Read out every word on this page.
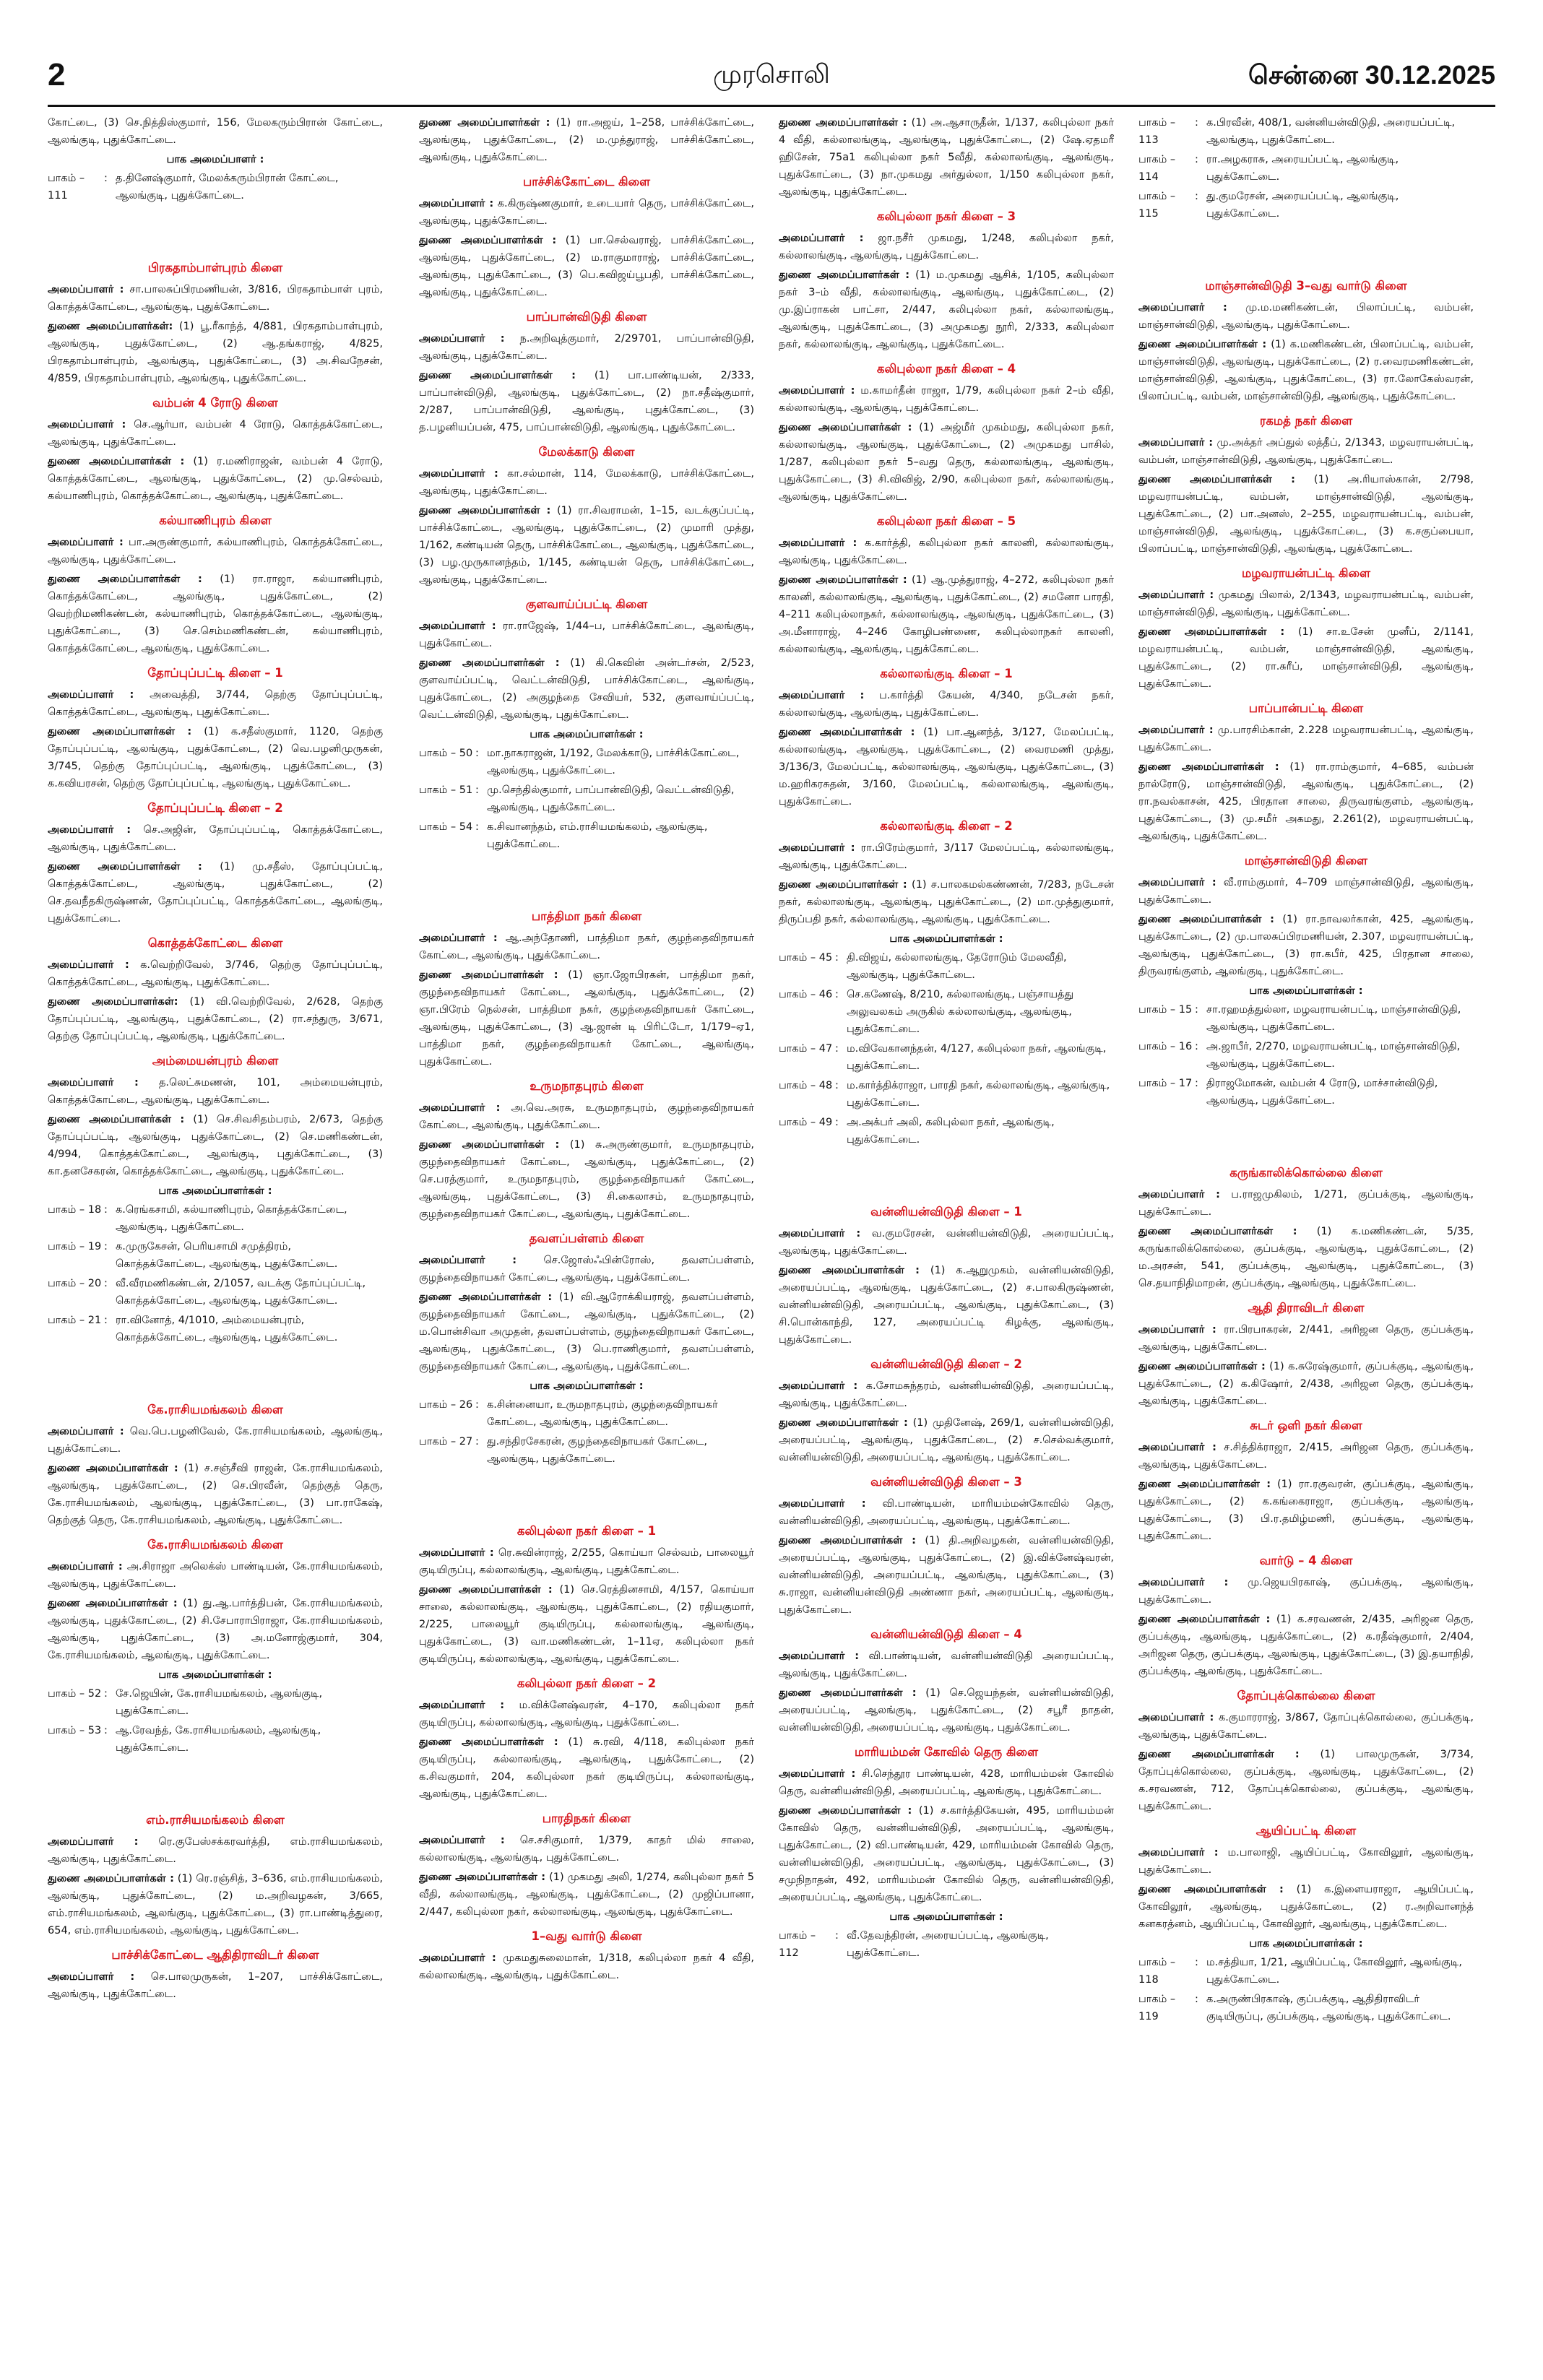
2	முரசொலி	சென்னை 30.12.2025
கோட்டை, (3) செ.நித்திஸ்குமார், 156, மேலகரும்பிரான் கோட்டை, ஆலங்குடி, புதுக்கோட்டை.
பாக அமைப்பாளர் :
பாகம் – 111
: த.தினேஷ்குமார், மேலக்கரும்பிரான் கோட்டை, ஆலங்குடி, புதுக்கோட்டை.
பிரகதாம்பாள்புரம் கிளை
அமைப்பாளர் : சா.பாலசுப்பிரமணியன், 3/816, பிரகதாம்பாள் புரம், கொத்தக்கோட்டை, ஆலங்குடி, புதுக்கோட்டை.
துணை அமைப்பாளர்கள்: (1) பூ.ரீகாந்த், 4/881, பிரகதாம்பாள்புரம், ஆலங்குடி, புதுக்கோட்டை, (2) ஆ.தங்கராஜ், 4/825, பிரகதாம்பாள்புரம், ஆலங்குடி, புதுக்கோட்டை, (3) அ.சிவநேசன், 4/859, பிரகதாம்பாள்புரம், ஆலங்குடி, புதுக்கோட்டை.
வம்பன் 4 ரோடு கிளை
அமைப்பாளர் : செ.ஆர்யா, வம்பன் 4 ரோடு, கொத்தக்கோட்டை, ஆலங்குடி, புதுக்கோட்டை.
துணை அமைப்பாளர்கள் : (1) ர.மணிராஜன், வம்பன் 4 ரோடு, கொத்தக்கோட்டை, ஆலங்குடி, புதுக்கோட்டை, (2) மு.செல்வம், கல்யாணிபுரம், கொத்தக்கோட்டை, ஆலங்குடி, புதுக்கோட்டை.
கல்யாணிபுரம் கிளை
அமைப்பாளர் : பா.அருண்குமார், கல்யாணிபுரம், கொத்தக்கோட்டை, ஆலங்குடி, புதுக்கோட்டை.
துணை அமைப்பாளர்கள் : (1) ரா.ராஜா, கல்யாணிபுரம், கொத்தக்கோட்டை, ஆலங்குடி, புதுக்கோட்டை, (2) வெற்றிமணிகண்டன், கல்யாணிபுரம், கொத்தக்கோட்டை, ஆலங்குடி, புதுக்கோட்டை, (3) செ.செம்மணிகண்டன், கல்யாணிபுரம், கொத்தக்கோட்டை, ஆலங்குடி, புதுக்கோட்டை.
தோப்புப்பட்டி கிளை – 1
அமைப்பாளர் : அவைத்தி, 3/744, தெற்கு தோப்புப்பட்டி, கொத்தக்கோட்டை, ஆலங்குடி, புதுக்கோட்டை.
துணை அமைப்பாளர்கள் : (1) க.சதீஸ்குமார், 1120, தெற்கு தோப்புப்பட்டி, ஆலங்குடி, புதுக்கோட்டை, (2) வெ.பழனிமுருகன், 3/745, தெற்கு தோப்புப்பட்டி, ஆலங்குடி, புதுக்கோட்டை, (3) க.கவியரசன், தெற்கு தோப்புப்பட்டி, ஆலங்குடி, புதுக்கோட்டை.
தோப்புப்பட்டி கிளை – 2
அமைப்பாளர் : செ.அஜின், தோப்புப்பட்டி, கொத்தக்கோட்டை, ஆலங்குடி, புதுக்கோட்டை.
துணை அமைப்பாளர்கள் : (1) மு.சதீஸ், தோப்புப்பட்டி, கொத்தக்கோட்டை, ஆலங்குடி, புதுக்கோட்டை, (2) செ.தவநீதகிருஷ்ணன், தோப்புப்பட்டி, கொத்தக்கோட்டை, ஆலங்குடி, புதுக்கோட்டை.
கொத்தக்கோட்டை கிளை
அமைப்பாளர் : க.வெற்றிவேல், 3/746, தெற்கு தோப்புப்பட்டி, கொத்தக்கோட்டை, ஆலங்குடி, புதுக்கோட்டை.
துணை அமைப்பாளர்கள்: (1) வி.வெற்றிவேல், 2/628, தெற்கு தோப்புப்பட்டி, ஆலங்குடி, புதுக்கோட்டை, (2) ரா.சந்துரு, 3/671, தெற்கு தோப்புப்பட்டி, ஆலங்குடி, புதுக்கோட்டை.
அம்மையன்புரம் கிளை
அமைப்பாளர் : த.லெட்சுமணன், 101, அம்மையன்புரம், கொத்தக்கோட்டை, ஆலங்குடி, புதுக்கோட்டை.
துணை அமைப்பாளர்கள் : (1) செ.சிவசிதம்பரம், 2/673, தெற்கு தோப்புப்பட்டி, ஆலங்குடி, புதுக்கோட்டை, (2) செ.மணிகண்டன், 4/994, கொத்தக்கோட்டை, ஆலங்குடி, புதுக்கோட்டை, (3) கா.தனசேகரன், கொத்தக்கோட்டை, ஆலங்குடி, புதுக்கோட்டை.
பாக அமைப்பாளர்கள் :
பாகம் – 18 : க.ரெங்கசாமி, கல்யாணிபுரம், கொத்தக்கோட்டை, ஆலங்குடி, புதுக்கோட்டை.
பாகம் – 19 : க.முருகேசன், பெரியசாமி சமுத்திரம், கொத்தக்கோட்டை, ஆலங்குடி, புதுக்கோட்டை.
பாகம் – 20 : வீ.வீரமணிகண்டன், 2/1057, வடக்கு தோப்புப்பட்டி, கொத்தக்கோட்டை, ஆலங்குடி, புதுக்கோட்டை.
பாகம் – 21 : ரா.வினோத், 4/1010, அம்மையன்புரம், கொத்தக்கோட்டை, ஆலங்குடி, புதுக்கோட்டை.
கே.ராசியமங்கலம் கிளை
அமைப்பாளர் : வெ.பெ.பழனிவேல், கே.ராசியமங்கலம், ஆலங்குடி, புதுக்கோட்டை.
துணை அமைப்பாளர்கள் : (1) ச.சஞ்சீவி ராஜன், கே.ராசியமங்கலம், ஆலங்குடி, புதுக்கோட்டை, (2) செ.பிரவீன், தெற்குத் தெரு, கே.ராசியமங்கலம், ஆலங்குடி, புதுக்கோட்டை, (3) பா.ராகேஷ், தெற்குத் தெரு, கே.ராசியமங்கலம், ஆலங்குடி, புதுக்கோட்டை.
கே.ராசியமங்கலம் கிளை
அமைப்பாளர் : அ.சிராஜா அலெக்ஸ் பாண்டியன், கே.ராசியமங்கலம், ஆலங்குடி, புதுக்கோட்டை.
துணை அமைப்பாளர்கள் : (1) து.ஆ.பார்த்திபன், கே.ராசியமங்கலம், ஆலங்குடி, புதுக்கோட்டை, (2) சி.சேபாராபிராஜா, கே.ராசியமங்கலம், ஆலங்குடி, புதுக்கோட்டை, (3) அ.மனோஜ்குமார், 304, கே.ராசியமங்கலம், ஆலங்குடி, புதுக்கோட்டை.
பாக அமைப்பாளர்கள் :
பாகம் – 52 : சே.ஜெயின், கே.ராசியமங்கலம், ஆலங்குடி, புதுக்கோட்டை.
பாகம் – 53 : ஆ.ரேவந்த், கே.ராசியமங்கலம், ஆலங்குடி, புதுக்கோட்டை.
எம்.ராசியமங்கலம் கிளை
அமைப்பாளர் : ரெ.குபேஸ்சக்கரவர்த்தி, எம்.ராசியமங்கலம், ஆலங்குடி, புதுக்கோட்டை.
துணை அமைப்பாளர்கள் : (1) ரெ.ரஞ்சித், 3–636, எம்.ராசியமங்கலம், ஆலங்குடி, புதுக்கோட்டை, (2) ம.அறிவழகன், 3/665, எம்.ராசியமங்கலம், ஆலங்குடி, புதுக்கோட்டை, (3) ரா.பாண்டித்துரை, 654, எம்.ராசியமங்கலம், ஆலங்குடி, புதுக்கோட்டை.
பாச்சிக்கோட்டை ஆதிதிராவிடர் கிளை
அமைப்பாளர் : செ.பாலமுருகன், 1–207, பாச்சிக்கோட்டை, ஆலங்குடி, புதுக்கோட்டை.
துணை அமைப்பாளர்கள் : (1) ரா.அஜய், 1–258, பாச்சிக்கோட்டை, ஆலங்குடி, புதுக்கோட்டை, (2) ம.முத்துராஜ், பாச்சிக்கோட்டை, ஆலங்குடி, புதுக்கோட்டை.
பாச்சிக்கோட்டை கிளை
அமைப்பாளர் : க.கிருஷ்ணகுமார், உடையார் தெரு, பாச்சிக்கோட்டை, ஆலங்குடி, புதுக்கோட்டை.
துணை அமைப்பாளர்கள் : (1) பா.செல்வராஜ், பாச்சிக்கோட்டை, ஆலங்குடி, புதுக்கோட்டை, (2) ம.ராகுமாராஜ், பாச்சிக்கோட்டை, ஆலங்குடி, புதுக்கோட்டை, (3) பெ.கவிஜய்பூபதி, பாச்சிக்கோட்டை, ஆலங்குடி, புதுக்கோட்டை.
பாப்பான்விடுதி கிளை
அமைப்பாளர் : ந.அறிவுத்குமார், 2/29701, பாப்பான்விடுதி, ஆலங்குடி, புதுக்கோட்டை.
துணை அமைப்பாளர்கள் : (1) பா.பாண்டியன், 2/333, பாப்பான்விடுதி, ஆலங்குடி, புதுக்கோட்டை, (2) நா.சதீஷ்குமார், 2/287, பாப்பான்விடுதி, ஆலங்குடி, புதுக்கோட்டை, (3) த.பழனியப்பன், 475, பாப்பான்விடுதி, ஆலங்குடி, புதுக்கோட்டை.
மேலக்காடு கிளை
அமைப்பாளர் : கா.சல்மான், 114, மேலக்காடு, பாச்சிக்கோட்டை, ஆலங்குடி, புதுக்கோட்டை.
துணை அமைப்பாளர்கள் : (1) ரா.சிவராமன், 1–15, வடக்குப்பட்டி, பாச்சிக்கோட்டை, ஆலங்குடி, புதுக்கோட்டை, (2) முமாரி முத்து, 1/162, கண்டியன் தெரு, பாச்சிக்கோட்டை, ஆலங்குடி, புதுக்கோட்டை, (3) பழ.முருகானந்தம், 1/145, கண்டியன் தெரு, பாச்சிக்கோட்டை, ஆலங்குடி, புதுக்கோட்டை.
குளவாய்ப்பட்டி கிளை
அமைப்பாளர் : ரா.ராஜேஷ், 1/44–ப, பாச்சிக்கோட்டை, ஆலங்குடி, புதுக்கோட்டை.
துணை அமைப்பாளர்கள் : (1) கி.கெவின் அன்டர்சன், 2/523, குளவாய்ப்பட்டி, வெட்டன்விடுதி, பாச்சிக்கோட்டை, ஆலங்குடி, புதுக்கோட்டை, (2) அகுழந்தை சேவியர், 532, குளவாய்ப்பட்டி, வெட்டன்விடுதி, ஆலங்குடி, புதுக்கோட்டை.
பாக அமைப்பாளர்கள் :
பாகம் – 50 : மா.நாகராஜன், 1/192, மேலக்காடு, பாச்சிக்கோட்டை, ஆலங்குடி, புதுக்கோட்டை.
பாகம் – 51 : மு.செந்தில்குமார், பாப்பான்விடுதி, வெட்டன்விடுதி, ஆலங்குடி, புதுக்கோட்டை.
பாகம் – 54 : க.சிவானந்தம், எம்.ராசியமங்கலம், ஆலங்குடி, புதுக்கோட்டை.
பாத்திமா நகர் கிளை
அமைப்பாளர் : ஆ.அந்தோணி, பாத்திமா நகர், குழந்தைவிநாயகர் கோட்டை, ஆலங்குடி, புதுக்கோட்டை.
துணை அமைப்பாளர்கள் : (1) ஞா.ஜோபிரகன், பாத்திமா நகர், குழந்தைவிநாயகர் கோட்டை, ஆலங்குடி, புதுக்கோட்டை, (2) ஞா.பிரேம் நெல்சன், பாத்திமா நகர், குழந்தைவிநாயகர் கோட்டை, ஆலங்குடி, புதுக்கோட்டை, (3) ஆ.ஜான் டி பிரிட்டோ, 1/179–ஏ1, பாத்திமா நகர், குழந்தைவிநாயகர் கோட்டை, ஆலங்குடி, புதுக்கோட்டை.
உருமநாதபுரம் கிளை
அமைப்பாளர் : அ.வெ.அரசு, உருமநாதபுரம், குழந்தைவிநாயகர் கோட்டை, ஆலங்குடி, புதுக்கோட்டை.
துணை அமைப்பாளர்கள் : (1) சு.அருண்குமார், உருமநாதபுரம், குழந்தைவிநாயகர் கோட்டை, ஆலங்குடி, புதுக்கோட்டை, (2) செ.பரத்குமார், உருமநாதபுரம், குழந்தைவிநாயகர் கோட்டை, ஆலங்குடி, புதுக்கோட்டை, (3) சி.கைலாசம், உருமநாதபுரம், குழந்தைவிநாயகர் கோட்டை, ஆலங்குடி, புதுக்கோட்டை.
தவளப்பள்ளம் கிளை
அமைப்பாளர் :	செ.ஜோஸ்ஃபின்ரோஸ், தவளப்பள்ளம், குழந்தைவிநாயகர் கோட்டை, ஆலங்குடி, புதுக்கோட்டை.
துணை அமைப்பாளர்கள் : (1) வி.ஆரோக்கியராஜ், தவளப்பள்ளம், குழந்தைவிநாயகர் கோட்டை, ஆலங்குடி, புதுக்கோட்டை, (2) ம.பொன்சிவா அமுதன், தவளப்பள்ளம், குழந்தைவிநாயகர் கோட்டை, ஆலங்குடி, புதுக்கோட்டை, (3) பெ.ராணிகுமார், தவளப்பள்ளம், குழந்தைவிநாயகர் கோட்டை, ஆலங்குடி, புதுக்கோட்டை.
பாக அமைப்பாளர்கள் :
பாகம் – 26 : க.சின்னையா, உருமநாதபுரம், குழந்தைவிநாயகர் கோட்டை, ஆலங்குடி, புதுக்கோட்டை.
பாகம் – 27 : து.சந்திரசேகரன், குழந்தைவிநாயகர் கோட்டை, ஆலங்குடி, புதுக்கோட்டை.
கலிபுல்லா நகர் கிளை – 1
அமைப்பாளர் : ரெ.சுவின்ராஜ், 2/255, கொய்யா செல்வம், பாலையூர் குடியிருப்பு, கல்லாலங்குடி, ஆலங்குடி, புதுக்கோட்டை.
துணை அமைப்பாளர்கள் : (1) செ.ரெத்தினசாமி, 4/157, கொய்யா சாலை, கல்லாலங்குடி, ஆலங்குடி, புதுக்கோட்டை, (2) ரதியகுமார், 2/225, பாலையூர் குடியிருப்பு, கல்லாலங்குடி, ஆலங்குடி, புதுக்கோட்டை, (3) வா.மணிகண்டன், 1–11ஏ, கலிபுல்லா நகர் குடியிருப்பு, கல்லாலங்குடி, ஆலங்குடி, புதுக்கோட்டை.
கலிபுல்லா நகர் கிளை – 2
அமைப்பாளர் : ம.விக்னேஷ்வரன், 4–170, கலிபுல்லா நகர் குடியிருப்பு, கல்லாலங்குடி, ஆலங்குடி, புதுக்கோட்டை.
துணை அமைப்பாளர்கள் : (1) சு.ரவி, 4/118, கலிபுல்லா நகர் குடியிருப்பு, கல்லாலங்குடி, ஆலங்குடி, புதுக்கோட்டை, (2) க.சிவகுமார், 204, கலிபுல்லா நகர் குடியிருப்பு, கல்லாலங்குடி, ஆலங்குடி, புதுக்கோட்டை.
பாரதிநகர் கிளை
அமைப்பாளர் : செ.சசிகுமார், 1/379, காதர் மில் சாலை, கல்லாலங்குடி, ஆலங்குடி, புதுக்கோட்டை.
துணை அமைப்பாளர்கள் : (1) முகமது அலி, 1/274, கலிபுல்லா நகர் 5 வீதி, கல்லாலங்குடி, ஆலங்குடி, புதுக்கோட்டை, (2) முஜிப்பானா, 2/447, கலிபுல்லா நகர், கல்லாலங்குடி, ஆலங்குடி, புதுக்கோட்டை.
1–வது வார்டு கிளை
அமைப்பாளர் : முகமதுசுலைமான், 1/318, கலிபுல்லா நகர் 4 வீதி, கல்லாலங்குடி, ஆலங்குடி, புதுக்கோட்டை.
துணை அமைப்பாளர்கள் : (1) அ.ஆசாருதீன், 1/137, கலிபுல்லா நகர் 4 வீதி, கல்லாலங்குடி, ஆலங்குடி, புதுக்கோட்டை, (2) ஷே.ஏதமரீ ஹிசேன், 75a1 கலிபுல்லா நகர் 5வீதி, கல்லாலங்குடி, ஆலங்குடி, புதுக்கோட்டை, (3) நா.முகமது அர்துல்லா, 1/150 கலிபுல்லா நகர், ஆலங்குடி, புதுக்கோட்டை.
கலிபுல்லா நகர் கிளை – 3
அமைப்பாளர் : ஜா.நசீர் முகமது, 1/248, கலிபுல்லா நகர், கல்லாலங்குடி, ஆலங்குடி, புதுக்கோட்டை.
துணை அமைப்பாளர்கள் : (1) ம.முகமது ஆசிக், 1/105, கலிபுல்லா நகர் 3–ம் வீதி, கல்லாலங்குடி, ஆலங்குடி, புதுக்கோட்டை, (2) மு.இப்ராகன் பாட்சா, 2/447, கலிபுல்லா நகர், கல்லாலங்குடி, ஆலங்குடி, புதுக்கோட்டை, (3) அமுகமது நூரி, 2/333, கலிபுல்லா நகர், கல்லாலங்குடி, ஆலங்குடி, புதுக்கோட்டை.
கலிபுல்லா நகர் கிளை – 4
அமைப்பாளர் : ம.காமர்தீன் ராஜா, 1/79, கலிபுல்லா நகர் 2–ம் வீதி, கல்லாலங்குடி, ஆலங்குடி, புதுக்கோட்டை.
துணை அமைப்பாளர்கள் : (1) அஜ்மீர் முகம்மது, கலிபுல்லா நகர், கல்லாலங்குடி, ஆலங்குடி, புதுக்கோட்டை, (2) அமுகமது பாசில், 1/287, கலிபுல்லா நகர் 5–வது தெரு, கல்லாலங்குடி, ஆலங்குடி, புதுக்கோட்டை, (3) சி.விவிஜ், 2/90, கலிபுல்லா நகர், கல்லாலங்குடி, ஆலங்குடி, புதுக்கோட்டை.
கலிபுல்லா நகர் கிளை – 5
அமைப்பாளர் : க.கார்த்தி, கலிபுல்லா நகர் காலனி, கல்லாலங்குடி, ஆலங்குடி, புதுக்கோட்டை.
துணை அமைப்பாளர்கள் : (1) ஆ.முத்துராஜ், 4–272, கலிபுல்லா நகர் காலனி, கல்லாலங்குடி, ஆலங்குடி, புதுக்கோட்டை, (2) சமனோ பாரதி, 4–211 கலிபுல்லாநகர், கல்லாலங்குடி, ஆலங்குடி, புதுக்கோட்டை, (3) அ.மீனாராஜ், 4–246 கோழிபண்ணை, கலிபுல்லாநகர் காலனி, கல்லாலங்குடி, ஆலங்குடி, புதுக்கோட்டை.
கல்லாலங்குடி கிளை – 1
அமைப்பாளர் : ப.கார்த்தி கேயன், 4/340, நடேசன் நகர், கல்லாலங்குடி, ஆலங்குடி, புதுக்கோட்டை.
துணை அமைப்பாளர்கள் : (1) பா.ஆனந்த், 3/127, மேலப்பட்டி, கல்லாலங்குடி, ஆலங்குடி, புதுக்கோட்டை, (2) வைரமணி முத்து, 3/136/3, மேலப்பட்டி, கல்லாலங்குடி, ஆலங்குடி, புதுக்கோட்டை, (3) ம.ஹரிகரசுதன், 3/160, மேலப்பட்டி, கல்லாலங்குடி, ஆலங்குடி, புதுக்கோட்டை.
கல்லாலங்குடி கிளை – 2
அமைப்பாளர் : ரா.பிரேம்குமார், 3/117 மேலப்பட்டி, கல்லாலங்குடி, ஆலங்குடி, புதுக்கோட்டை.
துணை அமைப்பாளர்கள் : (1) ச.பாலகமல்கண்ணன், 7/283, நடேசன் நகர், கல்லாலங்குடி, ஆலங்குடி, புதுக்கோட்டை, (2) மா.முத்துகுமார், திருப்பதி நகர், கல்லாலங்குடி, ஆலங்குடி, புதுக்கோட்டை.
பாக அமைப்பாளர்கள் :
பாகம் – 45 : தி.விஜய், கல்லாலங்குடி, தேரோடும் மேலவீதி, ஆலங்குடி, புதுக்கோட்டை.
பாகம் – 46 : செ.கணேஷ், 8/210, கல்லாலங்குடி, பஞ்சாயத்து அலுவலகம் அருகில் கல்லாலங்குடி, ஆலங்குடி, புதுக்கோட்டை.
பாகம் – 47 : ம.விவேகானந்தன், 4/127, கலிபுல்லா நகர், ஆலங்குடி, புதுக்கோட்டை.
பாகம் – 48 : ம.கார்த்திக்ராஜா, பாரதி நகர், கல்லாலங்குடி, ஆலங்குடி, புதுக்கோட்டை.
பாகம் – 49 : அ.அக்பர் அலி, கலிபுல்லா நகர், ஆலங்குடி, புதுக்கோட்டை.
வன்னியன்விடுதி கிளை – 1
அமைப்பாளர் : வ.குமரேசன், வன்னியன்விடுதி, அரையப்பட்டி, ஆலங்குடி, புதுக்கோட்டை.
துணை அமைப்பாளர்கள் : (1) க.ஆறுமுகம், வன்னியன்விடுதி, அரையப்பட்டி, ஆலங்குடி, புதுக்கோட்டை, (2) ச.பாலகிருஷ்ணன், வன்னியன்விடுதி, அரையப்பட்டி, ஆலங்குடி, புதுக்கோட்டை, (3) சி.பொன்காந்தி, 127, அரையப்பட்டி கிழக்கு, ஆலங்குடி, புதுக்கோட்டை.
வன்னியன்விடுதி கிளை – 2
அமைப்பாளர் : க.சோமசுந்தரம், வன்னியன்விடுதி, அரையப்பட்டி, ஆலங்குடி, புதுக்கோட்டை.
துணை அமைப்பாளர்கள் : (1) முதினேஷ், 269/1, வன்னியன்விடுதி, அரையப்பட்டி, ஆலங்குடி, புதுக்கோட்டை, (2) ச.செல்வக்குமார், வன்னியன்விடுதி, அரையப்பட்டி, ஆலங்குடி, புதுக்கோட்டை.
வன்னியன்விடுதி கிளை – 3
அமைப்பாளர் : வி.பாண்டியன், மாரியம்மன்கோவில் தெரு, வன்னியன்விடுதி, அரையப்பட்டி, ஆலங்குடி, புதுக்கோட்டை.
துணை அமைப்பாளர்கள் : (1) தி.அறிவழகன், வன்னியன்விடுதி, அரையப்பட்டி, ஆலங்குடி, புதுக்கோட்டை, (2) இ.விக்னேஷ்வரன், வன்னியன்விடுதி, அரையப்பட்டி, ஆலங்குடி, புதுக்கோட்டை, (3) சு.ராஜா, வன்னியன்விடுதி அண்ணா நகர், அரையப்பட்டி, ஆலங்குடி, புதுக்கோட்டை.
வன்னியன்விடுதி கிளை – 4
அமைப்பாளர் : வி.பாண்டியன், வன்னியன்விடுதி அரையப்பட்டி, ஆலங்குடி, புதுக்கோட்டை.
துணை அமைப்பாளர்கள் : (1) செ.ஜெயந்தன், வன்னியன்விடுதி, அரையப்பட்டி, ஆலங்குடி, புதுக்கோட்டை, (2) சபூரீ நாதன், வன்னியன்விடுதி, அரையப்பட்டி, ஆலங்குடி, புதுக்கோட்டை.
மாரியம்மன் கோவில் தெரு கிளை
அமைப்பாளர் : சி.செந்தூர பாண்டியன், 428, மாரியம்மன் கோவில் தெரு, வன்னியன்விடுதி, அரையப்பட்டி, ஆலங்குடி, புதுக்கோட்டை.
துணை அமைப்பாளர்கள் : (1) ச.கார்த்திகேயன், 495, மாரியம்மன் கோவில் தெரு, வன்னியன்விடுதி, அரையப்பட்டி, ஆலங்குடி, புதுக்கோட்டை, (2) வி.பாண்டியன், 429, மாரியம்மன் கோவில் தெரு, வன்னியன்விடுதி, அரையப்பட்டி, ஆலங்குடி, புதுக்கோட்டை, (3) சமுநிநாதன், 492, மாரியம்மன் கோவில் தெரு, வன்னியன்விடுதி, அரையப்பட்டி, ஆலங்குடி, புதுக்கோட்டை.
பாக அமைப்பாளர்கள் :
பாகம் – 112
: வீ.தேவந்திரன், அரையப்பட்டி, ஆலங்குடி, புதுக்கோட்டை.
பாகம் – 113
: க.பிரவீன், 408/1, வன்னியன்விடுதி, அரையப்பட்டி, ஆலங்குடி, புதுக்கோட்டை.
பாகம் – 114
: ரா.அழகராசு, அரையப்பட்டி, ஆலங்குடி, புதுக்கோட்டை.
பாகம் – 115
: து.குமரேசன், அரையப்பட்டி, ஆலங்குடி, புதுக்கோட்டை.
மாஞ்சான்விடுதி 3–வது வார்டு கிளை
அமைப்பாளர் : மு.ம.மணிகண்டன், பிலாப்பட்டி, வம்பன், மாஞ்சான்விடுதி, ஆலங்குடி, புதுக்கோட்டை.
துணை அமைப்பாளர்கள் : (1) க.மணிகண்டன், பிலாப்பட்டி, வம்பன், மாஞ்சான்விடுதி, ஆலங்குடி, புதுக்கோட்டை, (2) ர.வைரமணிகண்டன், மாஞ்சான்விடுதி, ஆலங்குடி, புதுக்கோட்டை, (3) ரா.லோகேஸ்வரன், பிலாப்பட்டி, வம்பன், மாஞ்சான்விடுதி, ஆலங்குடி, புதுக்கோட்டை.
ரகமத் நகர் கிளை
அமைப்பாளர் : மு.அக்தர் அப்துல் லத்தீப், 2/1343, மழவராயன்பட்டி, வம்பன், மாஞ்சான்விடுதி, ஆலங்குடி, புதுக்கோட்டை.
துணை அமைப்பாளர்கள் : (1) அ.ரியாஸ்கான், 2/798, மழவராயன்பட்டி, வம்பன், மாஞ்சான்விடுதி, ஆலங்குடி, புதுக்கோட்டை, (2) பா.அனஸ், 2–255, மழவராயன்பட்டி, வம்பன், மாஞ்சான்விடுதி, ஆலங்குடி, புதுக்கோட்டை, (3) க.சகுப்பையா, பிலாப்பட்டி, மாஞ்சான்விடுதி, ஆலங்குடி, புதுக்கோட்டை.
மழவராயன்பட்டி கிளை
அமைப்பாளர் : முகமது பிலால், 2/1343, மழவராயன்பட்டி, வம்பன், மாஞ்சான்விடுதி, ஆலங்குடி, புதுக்கோட்டை.
துணை அமைப்பாளர்கள் : (1) சா.உசேன் முனீப், 2/1141, மழவராயன்பட்டி, வம்பன், மாஞ்சான்விடுதி, ஆலங்குடி, புதுக்கோட்டை, (2) ரா.சுரீப், மாஞ்சான்விடுதி, ஆலங்குடி, புதுக்கோட்டை.
பாப்பான்பட்டி கிளை
அமைப்பாளர் : மு.பாரசிம்கான், 2.228 மழவராயன்பட்டி, ஆலங்குடி, புதுக்கோட்டை.
துணை அமைப்பாளர்கள் : (1) ரா.ராம்குமார், 4–685, வம்பன் நால்ரோடு, மாஞ்சான்விடுதி, ஆலங்குடி, புதுக்கோட்டை, (2) ரா.நவல்காசன், 425, பிரதான சாலை, திருவரங்குளம், ஆலங்குடி, புதுக்கோட்டை, (3) மு.சமீர் அகமது, 2.261(2), மழவராயன்பட்டி, ஆலங்குடி, புதுக்கோட்டை.
மாஞ்சான்விடுதி கிளை
அமைப்பாளர் : வீ.ராம்குமார், 4–709 மாஞ்சான்விடுதி, ஆலங்குடி, புதுக்கோட்டை.
துணை அமைப்பாளர்கள் : (1) ரா.நாவலர்கான், 425, ஆலங்குடி, புதுக்கோட்டை, (2) மு.பாலசுப்பிரமணியன், 2.307, மழவராயன்பட்டி, ஆலங்குடி, புதுக்கோட்டை, (3) ரா.கபீர், 425, பிரதான சாலை, திருவரங்குளம், ஆலங்குடி, புதுக்கோட்டை.
பாக அமைப்பாளர்கள் :
பாகம் – 15 : சா.ரஹமத்துல்லா, மழவராயன்பட்டி, மாஞ்சான்விடுதி, ஆலங்குடி, புதுக்கோட்டை.
பாகம் – 16 : அ.ஜாபீர், 2/270, மழவராயன்பட்டி, மாஞ்சான்விடுதி, ஆலங்குடி, புதுக்கோட்டை.
பாகம் – 17 : திராஜமோகன், வம்பன் 4 ரோடு, மாச்சான்விடுதி, ஆலங்குடி, புதுக்கோட்டை.
கருங்காலிக்கொல்லை கிளை
அமைப்பாளர் : ப.ராஜமுகிலம், 1/271, குப்பக்குடி, ஆலங்குடி, புதுக்கோட்டை.
துணை அமைப்பாளர்கள் : (1) க.மணிகண்டன், 5/35, கருங்காலிக்கொல்லை, குப்பக்குடி, ஆலங்குடி, புதுக்கோட்டை, (2) ம.அரசன், 541, குப்பக்குடி, ஆலங்குடி, புதுக்கோட்டை, (3) செ.தயாநிதிமாறன், குப்பக்குடி, ஆலங்குடி, புதுக்கோட்டை.
ஆதி திராவிடர் கிளை
அமைப்பாளர் : ரா.பிரபாகரன், 2/441, அரிஜன தெரு, குப்பக்குடி, ஆலங்குடி, புதுக்கோட்டை.
துணை அமைப்பாளர்கள் : (1) க.சுரேஷ்குமார், குப்பக்குடி, ஆலங்குடி, புதுக்கோட்டை, (2) க.கிஷோர், 2/438, அரிஜன தெரு, குப்பக்குடி, ஆலங்குடி, புதுக்கோட்டை.
சுடர் ஒளி நகர் கிளை
அமைப்பாளர் : ச.சித்திக்ராஜா, 2/415, அரிஜன தெரு, குப்பக்குடி, ஆலங்குடி, புதுக்கோட்டை.
துணை அமைப்பாளர்கள் : (1) ரா.ரகுவரன், குப்பக்குடி, ஆலங்குடி, புதுக்கோட்டை, (2) க.கங்கைராஜா, குப்பக்குடி, ஆலங்குடி, புதுக்கோட்டை, (3) பி.ர.தமிழ்மணி, குப்பக்குடி, ஆலங்குடி, புதுக்கோட்டை.
வார்டு – 4 கிளை
அமைப்பாளர் : மு.ஜெயபிரகாஷ், குப்பக்குடி, ஆலங்குடி, புதுக்கோட்டை.
துணை அமைப்பாளர்கள் : (1) க.சரவணன், 2/435, அரிஜன தெரு, குப்பக்குடி, ஆலங்குடி, புதுக்கோட்டை, (2) க.ரதீஷ்குமார், 2/404, அரிஜன தெரு, குப்பக்குடி, ஆலங்குடி, புதுக்கோட்டை, (3) இ.தயாநிதி, குப்பக்குடி, ஆலங்குடி, புதுக்கோட்டை.
தோப்புக்கொல்லை கிளை
அமைப்பாளர் : க.குமாரராஜ், 3/867, தோப்புக்கொல்லை, குப்பக்குடி, ஆலங்குடி, புதுக்கோட்டை.
துணை அமைப்பாளர்கள் : (1) பாலமுருகன், 3/734, தோப்புக்கொல்லை, குப்பக்குடி, ஆலங்குடி, புதுக்கோட்டை, (2) க.சரவணன், 712, தோப்புக்கொல்லை, குப்பக்குடி, ஆலங்குடி, புதுக்கோட்டை.
ஆயிப்பட்டி கிளை
அமைப்பாளர் : ம.பாலாஜி, ஆயிப்பட்டி, கோவிலூர், ஆலங்குடி, புதுக்கோட்டை.
துணை அமைப்பாளர்கள் : (1) க.இளையராஜா, ஆயிப்பட்டி, கோவிலூர், ஆலங்குடி, புதுக்கோட்டை, (2) ர.அறிவானந்த் கனகரத்னம், ஆயிப்பட்டி, கோவிலூர், ஆலங்குடி, புதுக்கோட்டை.
பாக அமைப்பாளர்கள் :
பாகம் – 118
: ம.சத்தியா, 1/21, ஆயிப்பட்டி, கோவிலூர், ஆலங்குடி, புதுக்கோட்டை.
பாகம் – 119
: க.அருண்பிரகாஷ், குப்பக்குடி, ஆதிதிராவிடர் குடியிருப்பு, குப்பக்குடி, ஆலங்குடி, புதுக்கோட்டை.
